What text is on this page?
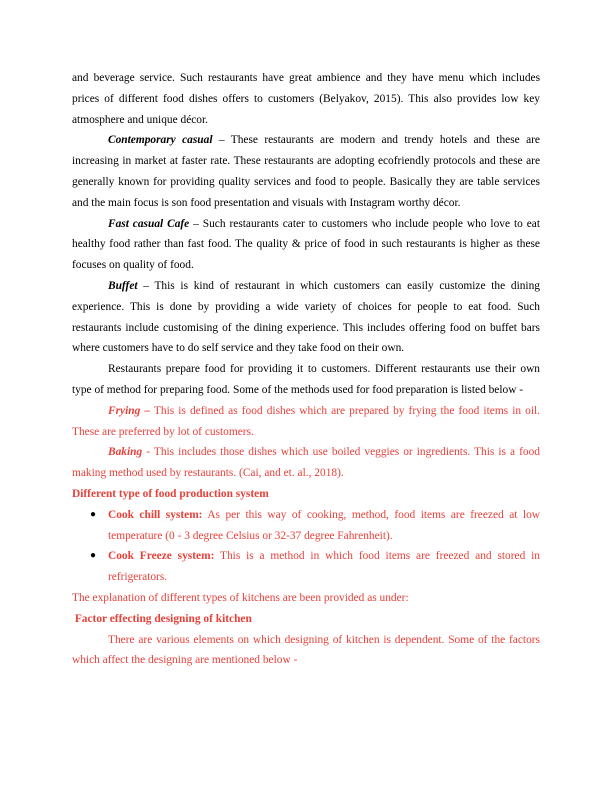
and beverage service. Such restaurants have great ambience and they have menu which includes prices of different food dishes offers to customers (Belyakov, 2015). This also provides low key atmosphere and unique décor.

Contemporary casual – These restaurants are modern and trendy hotels and these are increasing in market at faster rate. These restaurants are adopting ecofriendly protocols and these are generally known for providing quality services and food to people. Basically they are table services and the main focus is son food presentation and visuals with Instagram worthy décor.

Fast casual Cafe – Such restaurants cater to customers who include people who love to eat healthy food rather than fast food. The quality & price of food in such restaurants is higher as these focuses on quality of food.

Buffet – This is kind of restaurant in which customers can easily customize the dining experience. This is done by providing a wide variety of choices for people to eat food. Such restaurants include customising of the dining experience. This includes offering food on buffet bars where customers have to do self service and they take food on their own.

Restaurants prepare food for providing it to customers. Different restaurants use their own type of method for preparing food. Some of the methods used for food preparation is listed below -

Frying – This is defined as food dishes which are prepared by frying the food items in oil. These are preferred by lot of customers.

Baking - This includes those dishes which use boiled veggies or ingredients. This is a food making method used by restaurants. (Cai, and et. al., 2018).

Different type of food production system

● Cook chill system: As per this way of cooking, method, food items are freezed at low temperature (0 - 3 degree Celsius or 32-37 degree Fahrenheit).
● Cook Freeze system: This is a method in which food items are freezed and stored in refrigerators.

The explanation of different types of kitchens are been provided as under:

Factor effecting designing of kitchen

There are various elements on which designing of kitchen is dependent. Some of the factors which affect the designing are mentioned below -
